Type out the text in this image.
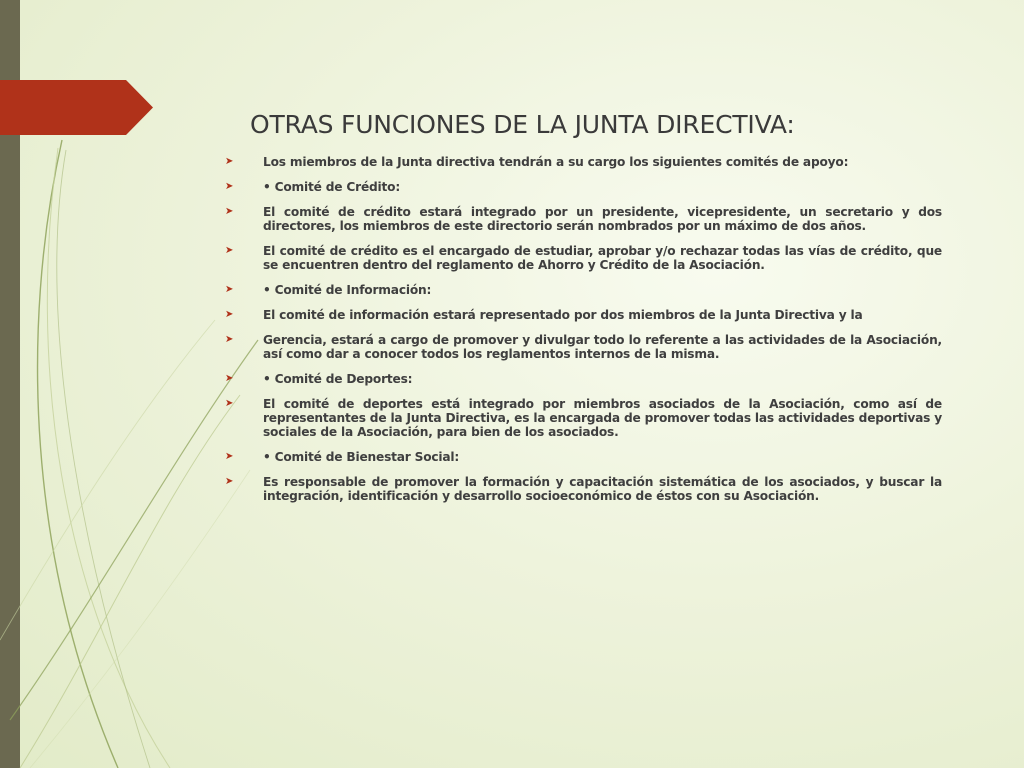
OTRAS FUNCIONES DE LA JUNTA DIRECTIVA:
➤	Los miembros de la Junta directiva tendrán a su cargo los siguientes comités de apoyo:
➤	• Comité de Crédito:
➤	El comité de crédito estará integrado por un presidente, vicepresidente, un secretario y dos directores, los miembros de este directorio serán nombrados por un máximo de dos años.
➤	El comité de crédito es el encargado de estudiar, aprobar y/o rechazar todas las vías de crédito, que se encuentren dentro del reglamento de Ahorro y Crédito de la Asociación.
➤	• Comité de Información:
➤	El comité de información estará representado por dos miembros de la Junta Directiva y la
➤	Gerencia, estará a cargo de promover y divulgar todo lo referente a las actividades de la Asociación, así como dar a conocer todos los reglamentos internos de la misma.
➤	• Comité de Deportes:
➤	El comité de deportes está integrado por miembros asociados de la Asociación, como así de representantes de la Junta Directiva, es la encargada de promover todas las actividades deportivas y sociales de la Asociación, para bien de los asociados.
➤	• Comité de Bienestar Social:
➤	Es responsable de promover la formación y capacitación sistemática de los asociados, y buscar la integración, identificación y desarrollo socioeconómico de éstos con su Asociación.
